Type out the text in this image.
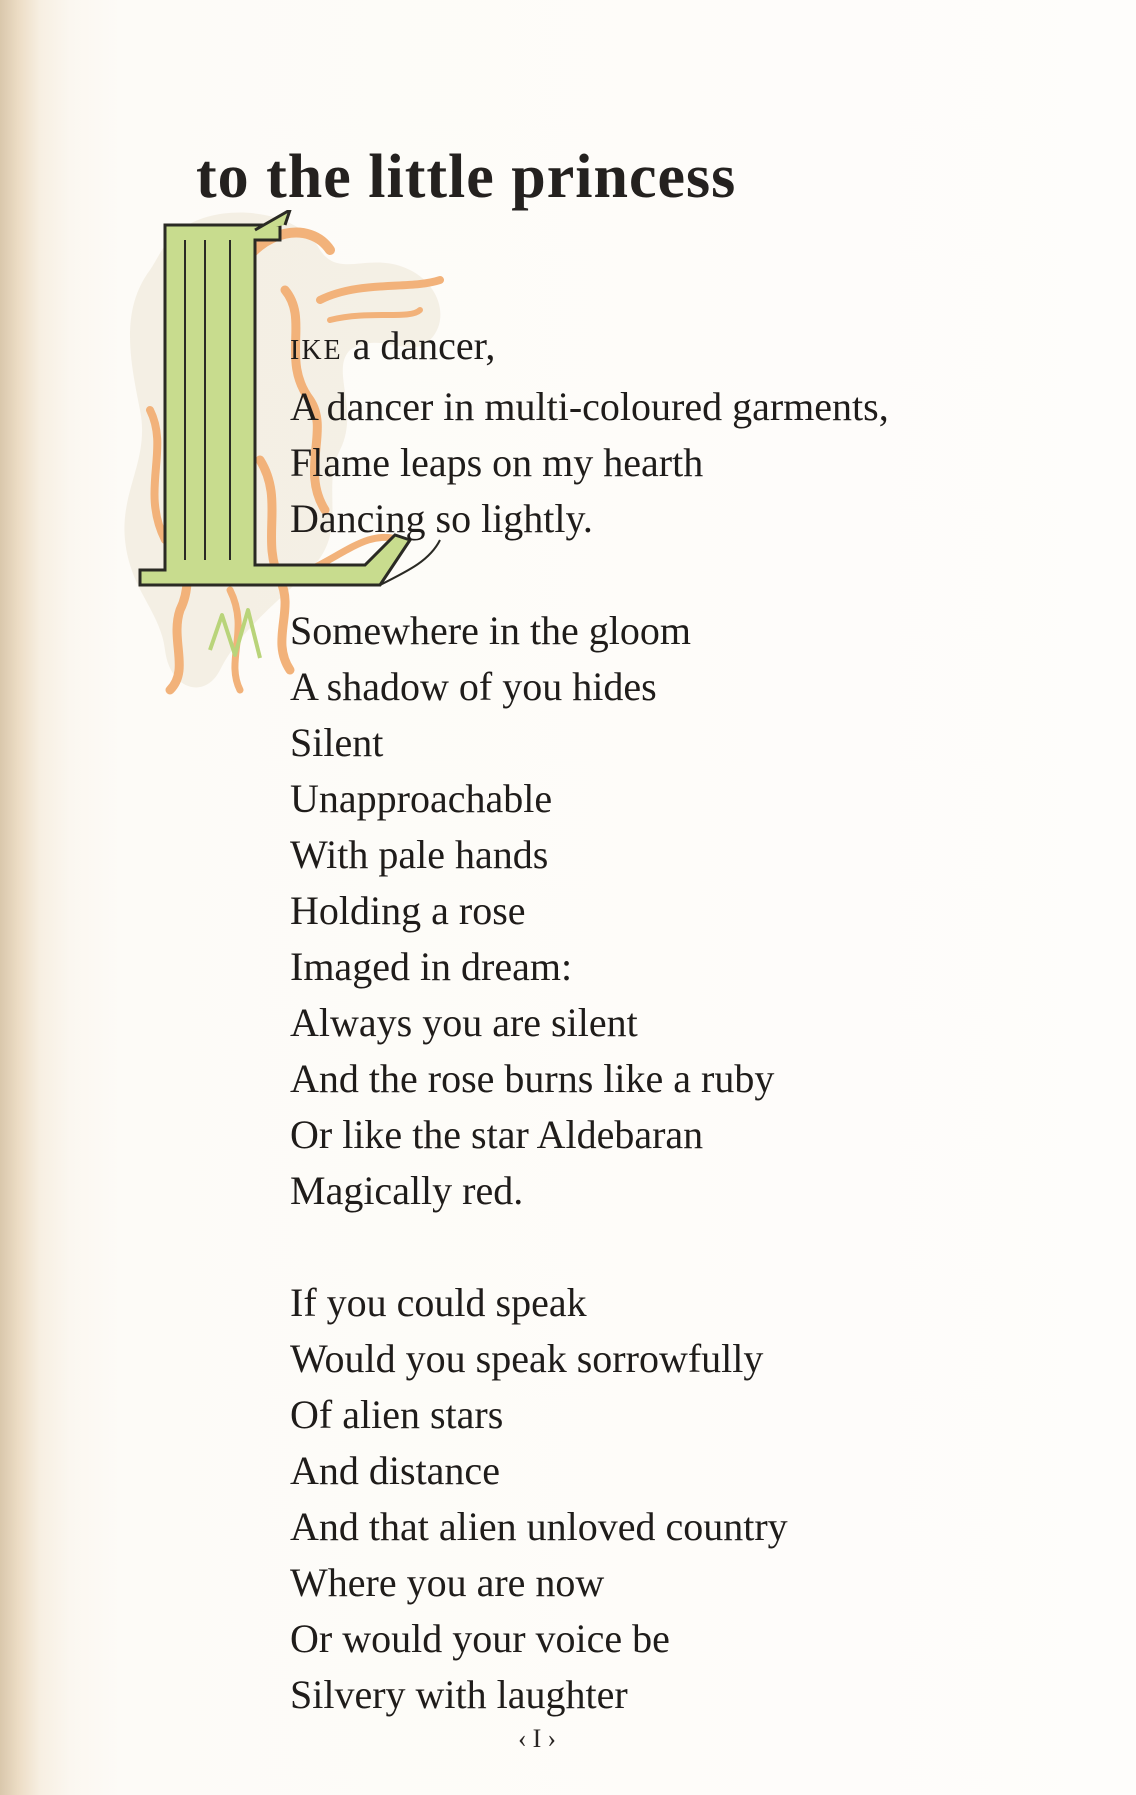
to the little princess
IKE a dancer,
A dancer in multi-coloured garments,
Flame leaps on my hearth
Dancing so lightly.
Somewhere in the gloom
A shadow of you hides
Silent
Unapproachable
With pale hands
Holding a rose
Imaged in dream:
Always you are silent
And the rose burns like a ruby
Or like the star Aldebaran
Magically red.
If you could speak
Would you speak sorrowfully
Of alien stars
And distance
And that alien unloved country
Where you are now
Or would your voice be
Silvery with laughter
‹I›
